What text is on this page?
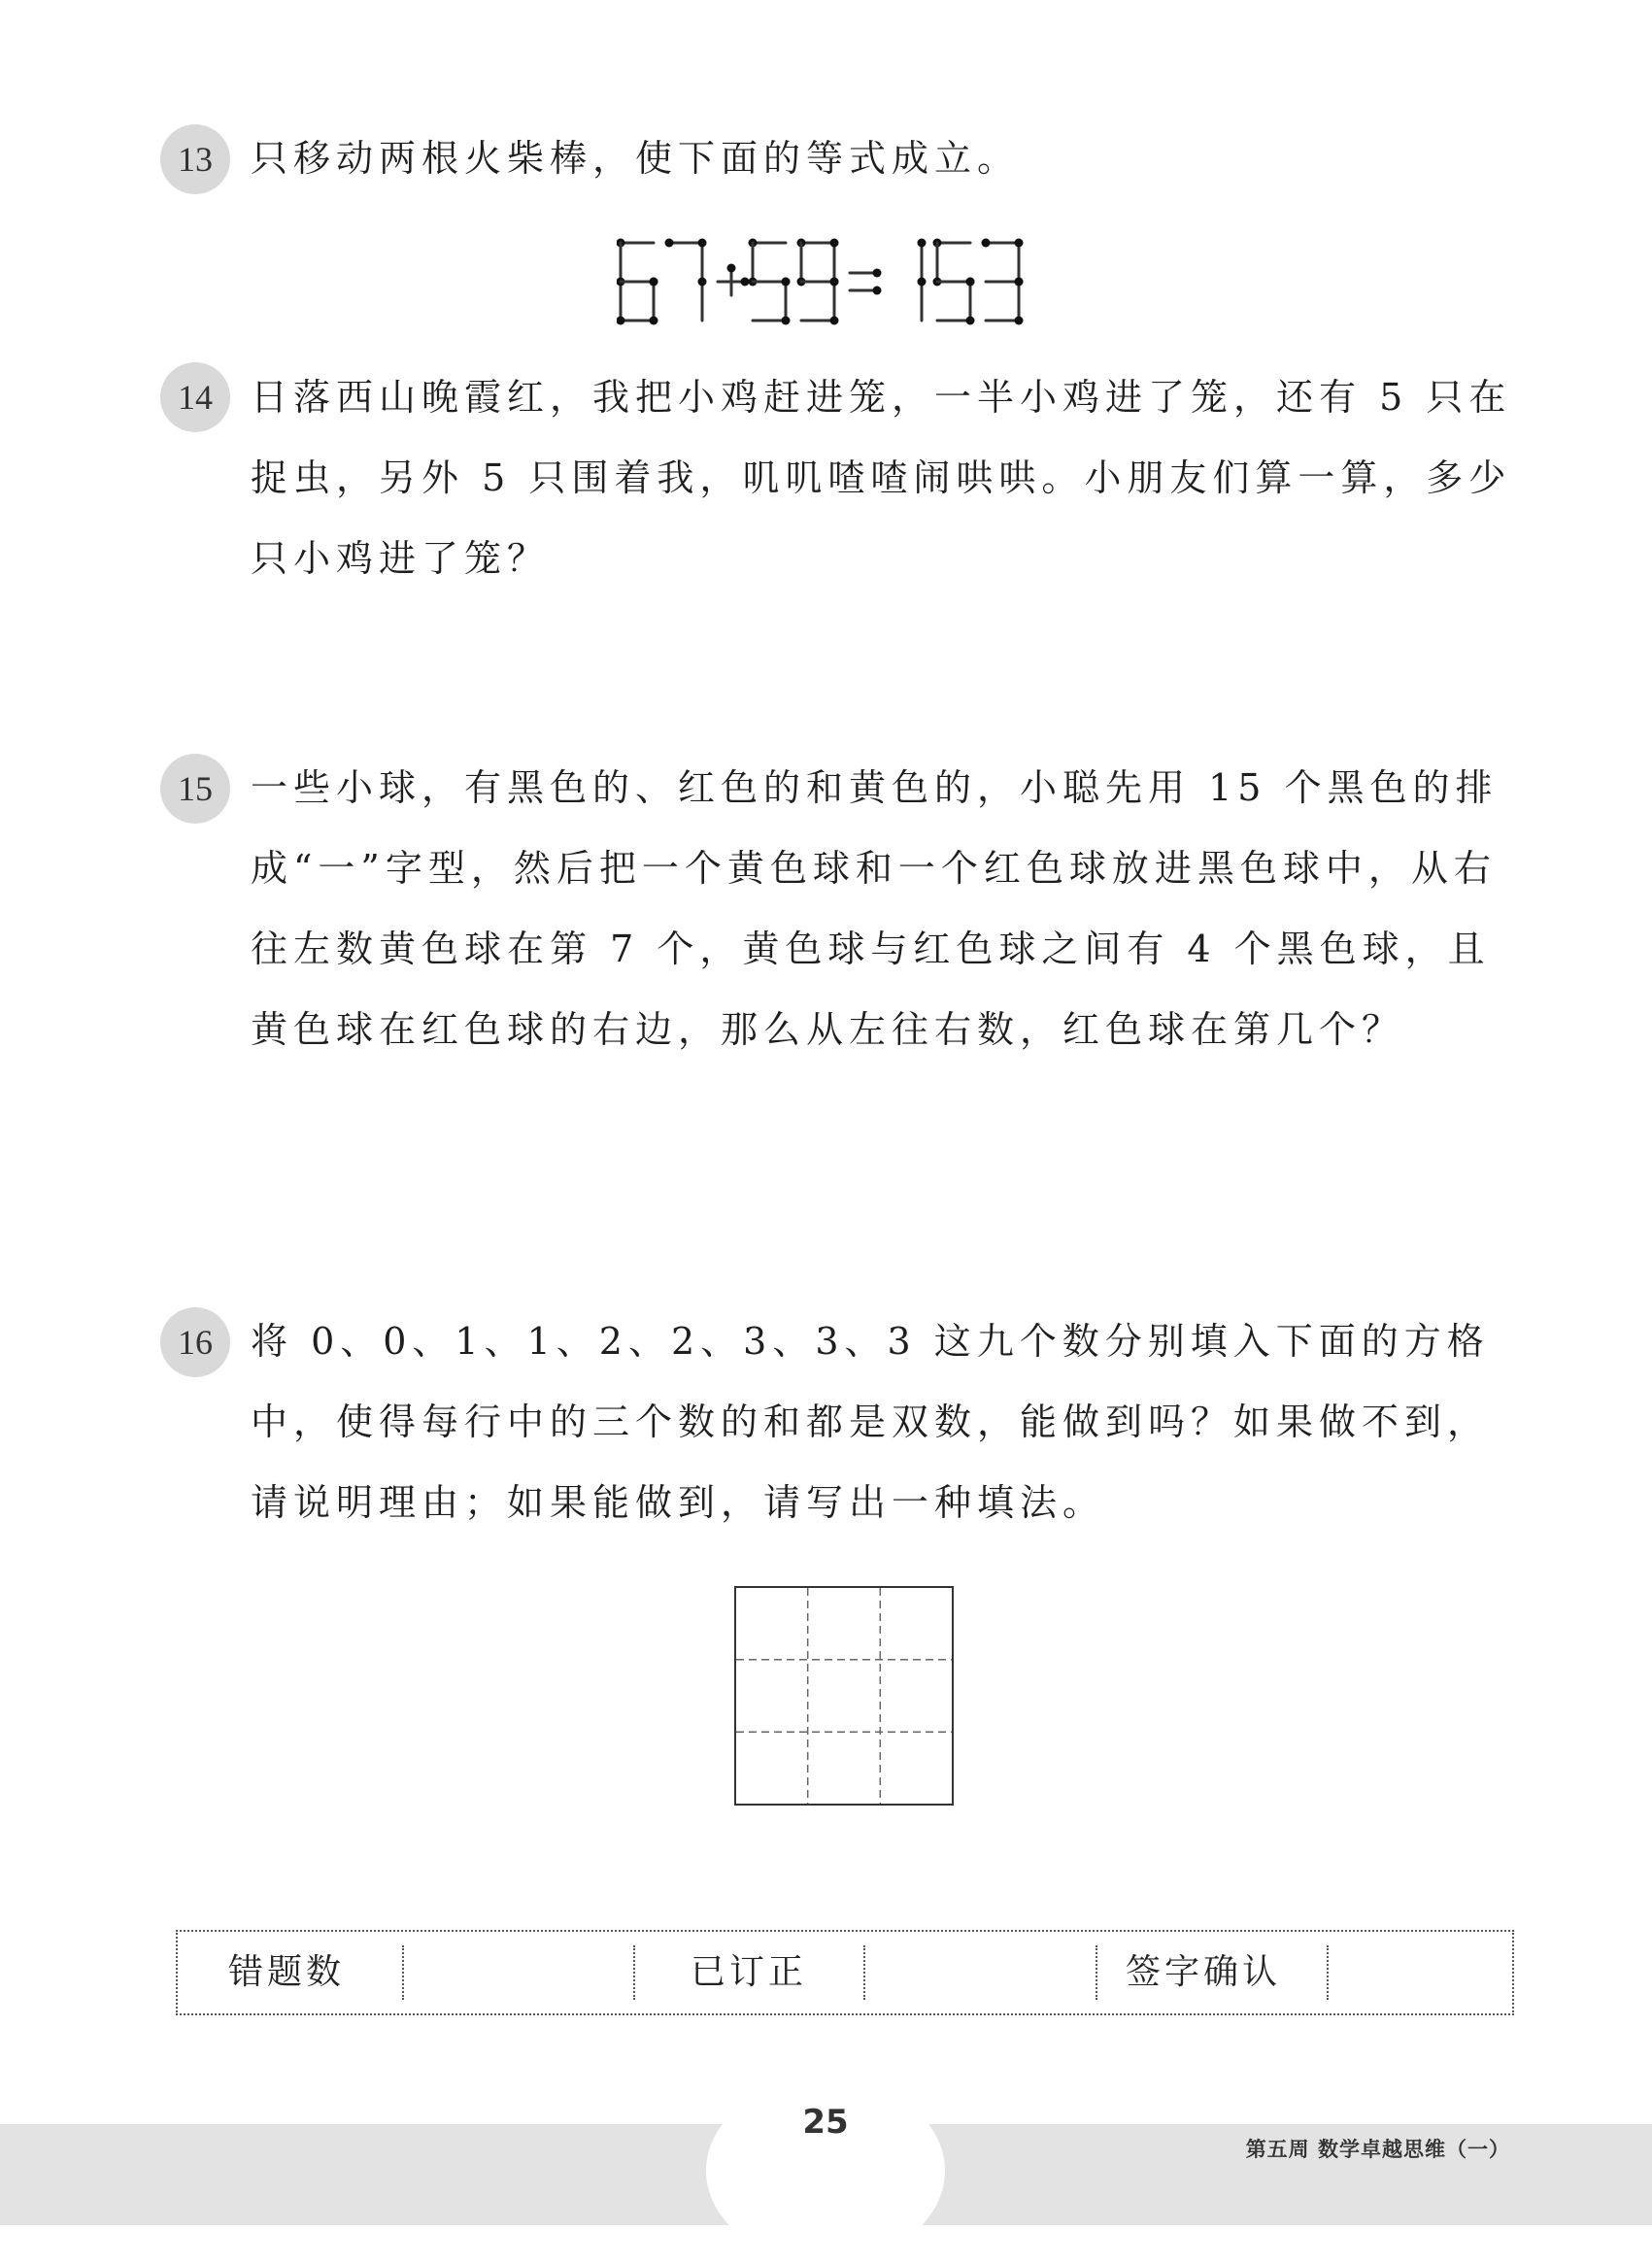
13	只移动两根火柴棒，使下面的等式成立。

14	日落西山晚霞红，我把小鸡赶进笼，一半小鸡进了笼，还有 5 只在捉虫，另外 5 只围着我，叽叽喳喳闹哄哄。小朋友们算一算，多少只小鸡进了笼？

15	一些小球，有黑色的、红色的和黄色的，小聪先用 15 个黑色的排成“一”字型，然后把一个黄色球和一个红色球放进黑色球中，从右往左数黄色球在第 7 个，黄色球与红色球之间有 4 个黑色球，且黄色球在红色球的右边，那么从左往右数，红色球在第几个？

16	将 0、0、1、1、2、2、3、3、3 这九个数分别填入下面的方格中，使得每行中的三个数的和都是双数，能做到吗？如果做不到，请说明理由；如果能做到，请写出一种填法。

错题数	已订正	签字确认
25
第五周 数学卓越思维（一）
